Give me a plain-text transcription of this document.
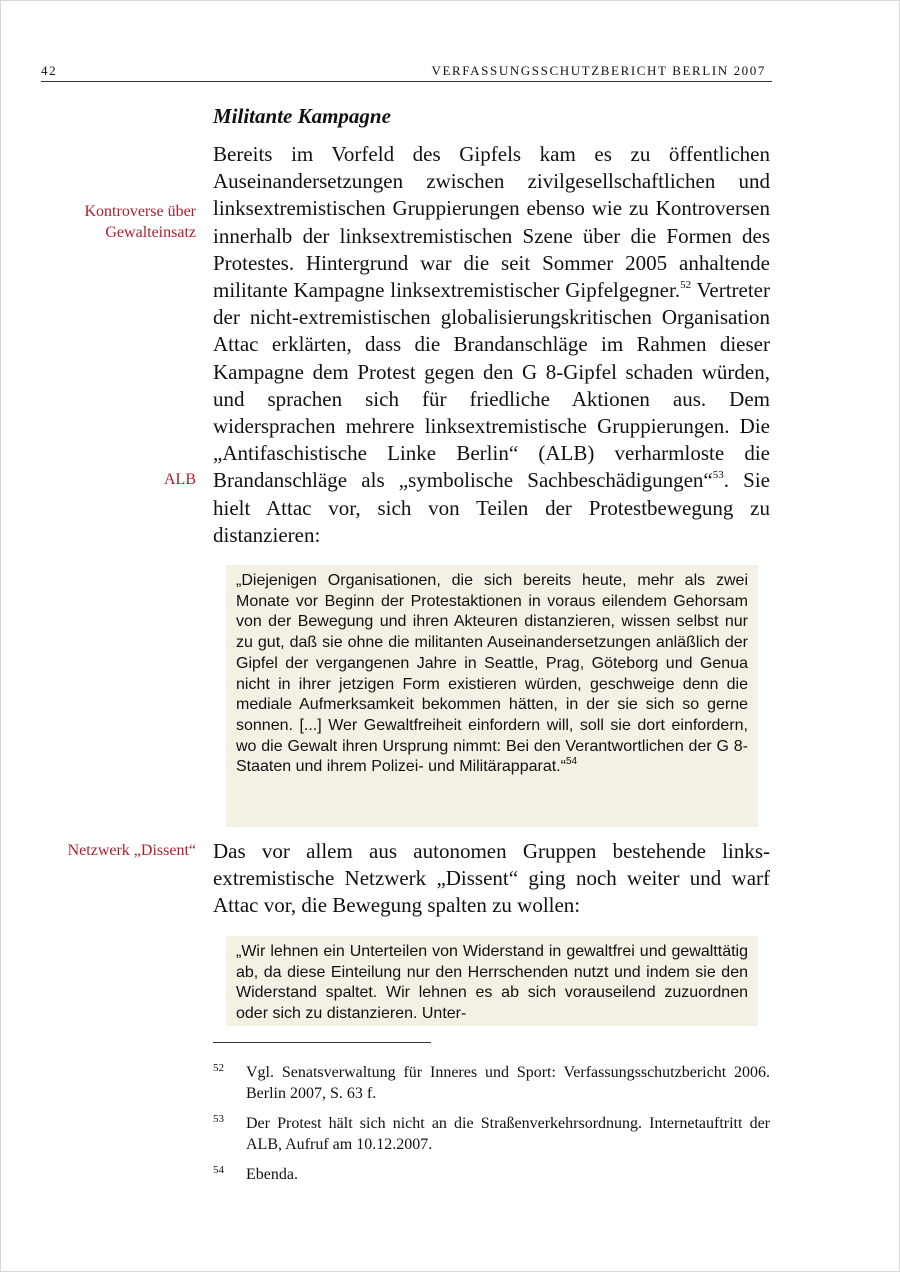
42	VERFASSUNGSSCHUTZBERICHT BERLIN 2007
Militante Kampagne
Kontroverse über
Gewalteinsatz
ALB
Netzwerk „Dissent“

Bereits im Vorfeld des Gipfels kam es zu öffentlichen Auseinandersetzungen zwischen zivilgesellschaftlichen und linksextremistischen Gruppierungen ebenso wie zu Kontroversen innerhalb der linksextremistischen Szene über die Formen des Protestes. Hintergrund war die seit Sommer 2005 anhaltende militante Kampagne linksextremistischer Gipfelgegner.$^{52}$ Vertreter der nicht-extremistischen globalisierungskritischen Organisation Attac erklärten, dass die Brandanschläge im Rahmen dieser Kampagne dem Protest gegen den G 8-Gipfel schaden würden, und sprachen sich für friedliche Aktionen aus. Dem widersprachen mehrere linksextremistische Gruppierungen. Die „Antifaschistische Linke Berlin“ (ALB) verharmloste die Brandanschläge als „symbolische Sachbeschädigungen“$^{53}$. Sie hielt Attac vor, sich von Teilen der Protestbewegung zu distanzieren:

„Diejenigen Organisationen, die sich bereits heute, mehr als zwei Monate vor Beginn der Protestaktionen in voraus eilendem Gehorsam von der Bewegung und ihren Akteuren distanzieren, wissen selbst nur zu gut, daß sie ohne die militanten Auseinandersetzungen anläßlich der Gipfel der vergangenen Jahre in Seattle, Prag, Göteborg und Genua nicht in ihrer jetzigen Form existieren würden, geschweige denn die mediale Aufmerksamkeit bekommen hätten, in der sie sich so gerne sonnen. [...] Wer Gewaltfreiheit einfordern will, soll sie dort einfordern, wo die Gewalt ihren Ursprung nimmt: Bei den Verantwortlichen der G 8-Staaten und ihrem Polizei- und Militärapparat.“$^{54}$

Das vor allem aus autonomen Gruppen bestehende linksextremistische Netzwerk „Dissent“ ging noch weiter und warf Attac vor, die Bewegung spalten zu wollen:

„Wir lehnen ein Unterteilen von Widerstand in gewaltfrei und gewalttätig ab, da diese Einteilung nur den Herrschenden nutzt und indem sie den Widerstand spaltet. Wir lehnen es ab sich vorauseilend zuzuordnen oder sich zu distanzieren. Unter-
52 Vgl. Senatsverwaltung für Inneres und Sport: Verfassungsschutzbericht 2006. Berlin 2007, S. 63 f.
53 Der Protest hält sich nicht an die Straßenverkehrsordnung. Internetauftritt der ALB, Aufruf am 10.12.2007.
54 Ebenda.
